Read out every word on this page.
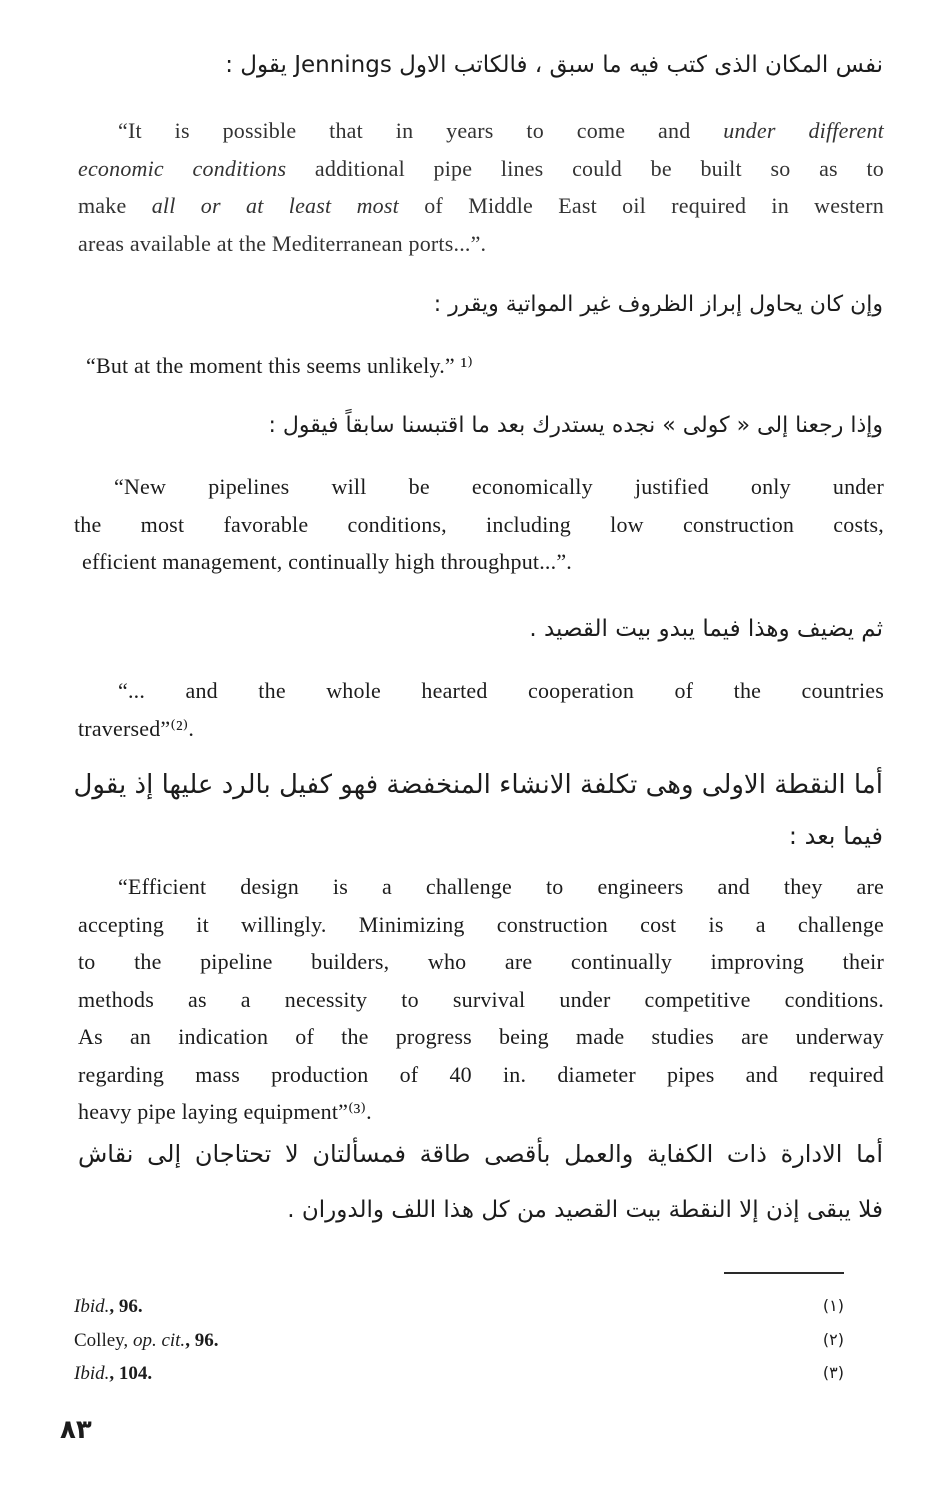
نفس المكان الذى كتب فيه ما سبق ، فالكاتب الاول Jennings يقول :
“It is possible that in years to come and under different
economic conditions additional pipe lines could be built so as to
make all or at least most of Middle East oil required in western
areas available at the Mediterranean ports...”.
وإن كان يحاول إبراز الظروف غير المواتية ويقرر :
“But at the moment this seems unlikely.” ¹⁾
وإذا رجعنا إلى « كولى » نجده يستدرك بعد ما اقتبسنا سابقاً فيقول :
“New pipelines will be economically justified only under
the most favorable conditions, including low construction costs,
efficient management, continually high throughput...”.
ثم يضيف وهذا فيما يبدو بيت القصيد .
“... and the whole hearted cooperation of the countries
traversed”⁽²⁾.
أما النقطة الاولى وهى تكلفة الانشاء المنخفضة فهو كفيل بالرد عليها إذ يقول
فيما بعد :
“Efficient design is a challenge to engineers and they are
accepting it willingly. Minimizing construction cost is a challenge
to the pipeline builders, who are continually improving their
methods as a necessity to survival under competitive conditions.
As an indication of the progress being made studies are underway
regarding mass production of 40 in. diameter pipes and required
heavy pipe laying equipment”⁽³⁾.
أما الادارة ذات الكفاية والعمل بأقصى طاقة فمسألتان لا تحتاجان إلى نقاش
فلا يبقى إذن إلا النقطة بيت القصيد من كل هذا اللف والدوران .
Ibid., 96.	(١)
Colley, op. cit., 96.	(٢)
Ibid., 104.	(٣)
٨٣
